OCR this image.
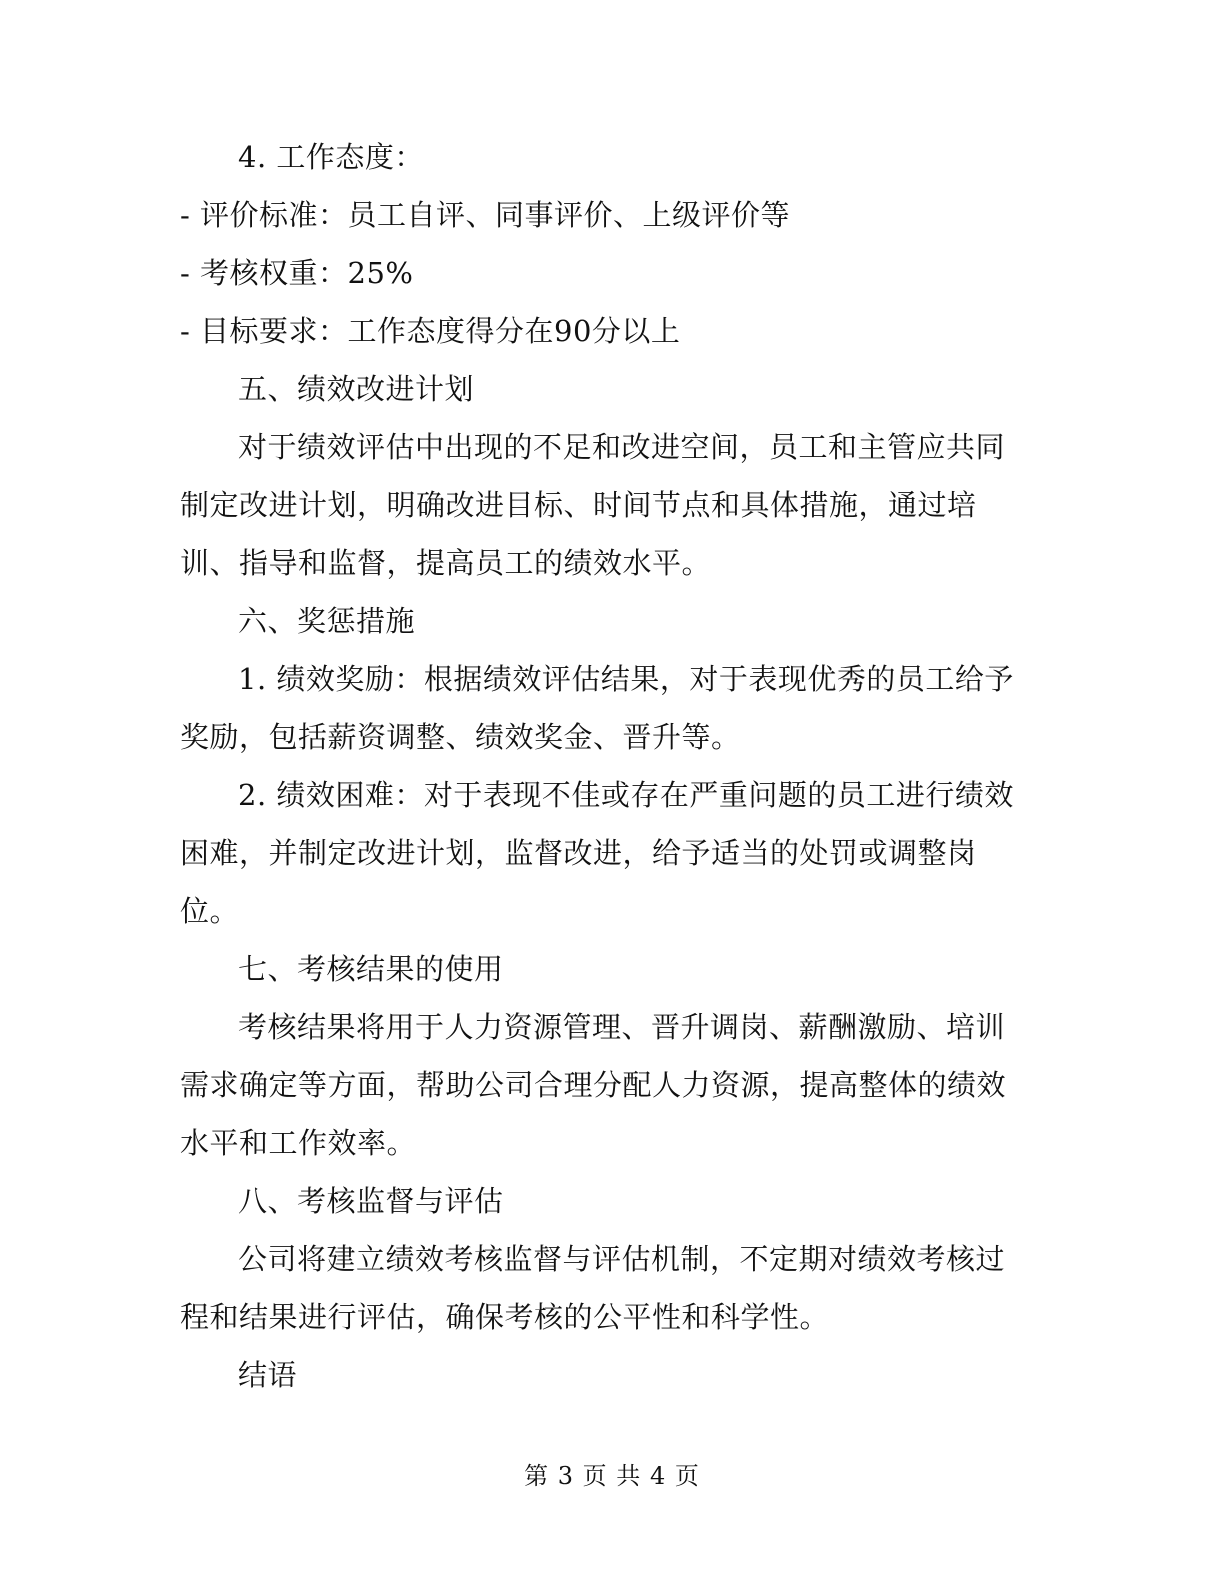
4. 工作态度：
- 评价标准：员工自评、同事评价、上级评价等
- 考核权重：25%
- 目标要求：工作态度得分在90分以上
五、绩效改进计划
对于绩效评估中出现的不足和改进空间，员工和主管应共同
制定改进计划，明确改进目标、时间节点和具体措施，通过培
训、指导和监督，提高员工的绩效水平。
六、奖惩措施
1. 绩效奖励：根据绩效评估结果，对于表现优秀的员工给予
奖励，包括薪资调整、绩效奖金、晋升等。
2. 绩效困难：对于表现不佳或存在严重问题的员工进行绩效
困难，并制定改进计划，监督改进，给予适当的处罚或调整岗
位。
七、考核结果的使用
考核结果将用于人力资源管理、晋升调岗、薪酬激励、培训
需求确定等方面，帮助公司合理分配人力资源，提高整体的绩效
水平和工作效率。
八、考核监督与评估
公司将建立绩效考核监督与评估机制，不定期对绩效考核过
程和结果进行评估，确保考核的公平性和科学性。
结语
第 3 页 共 4 页
